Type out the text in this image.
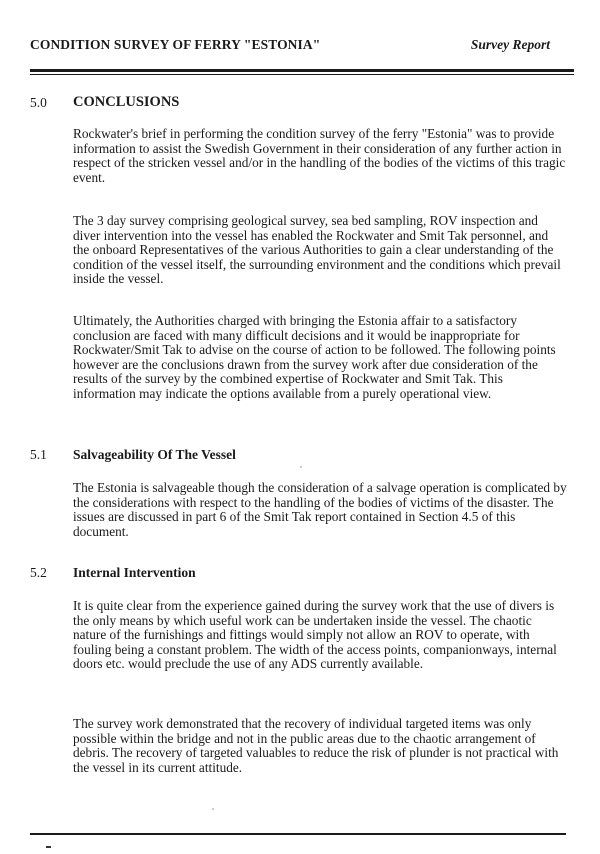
CONDITION SURVEY OF FERRY "ESTONIA"	Survey Report
5.0 CONCLUSIONS

Rockwater's brief in performing the condition survey of the ferry "Estonia" was to provide information to assist the Swedish Government in their consideration of any further action in respect of the stricken vessel and/or in the handling of the bodies of the victims of this tragic event.

The 3 day survey comprising geological survey, sea bed sampling, ROV inspection and diver intervention into the vessel has enabled the Rockwater and Smit Tak personnel, and the onboard Representatives of the various Authorities to gain a clear understanding of the condition of the vessel itself, the surrounding environment and the conditions which prevail inside the vessel.

Ultimately, the Authorities charged with bringing the Estonia affair to a satisfactory conclusion are faced with many difficult decisions and it would be inappropriate for Rockwater/Smit Tak to advise on the course of action to be followed. The following points however are the conclusions drawn from the survey work after due consideration of the results of the survey by the combined expertise of Rockwater and Smit Tak. This information may indicate the options available from a purely operational view.

5.1 Salvageability Of The Vessel

The Estonia is salvageable though the consideration of a salvage operation is complicated by the considerations with respect to the handling of the bodies of victims of the disaster. The issues are discussed in part 6 of the Smit Tak report contained in Section 4.5 of this document.

5.2 Internal Intervention

It is quite clear from the experience gained during the survey work that the use of divers is the only means by which useful work can be undertaken inside the vessel. The chaotic nature of the furnishings and fittings would simply not allow an ROV to operate, with fouling being a constant problem. The width of the access points, companionways, internal doors etc. would preclude the use of any ADS currently available.

The survey work demonstrated that the recovery of individual targeted items was only possible within the bridge and not in the public areas due to the chaotic arrangement of debris. The recovery of targeted valuables to reduce the risk of plunder is not practical with the vessel in its current attitude.
